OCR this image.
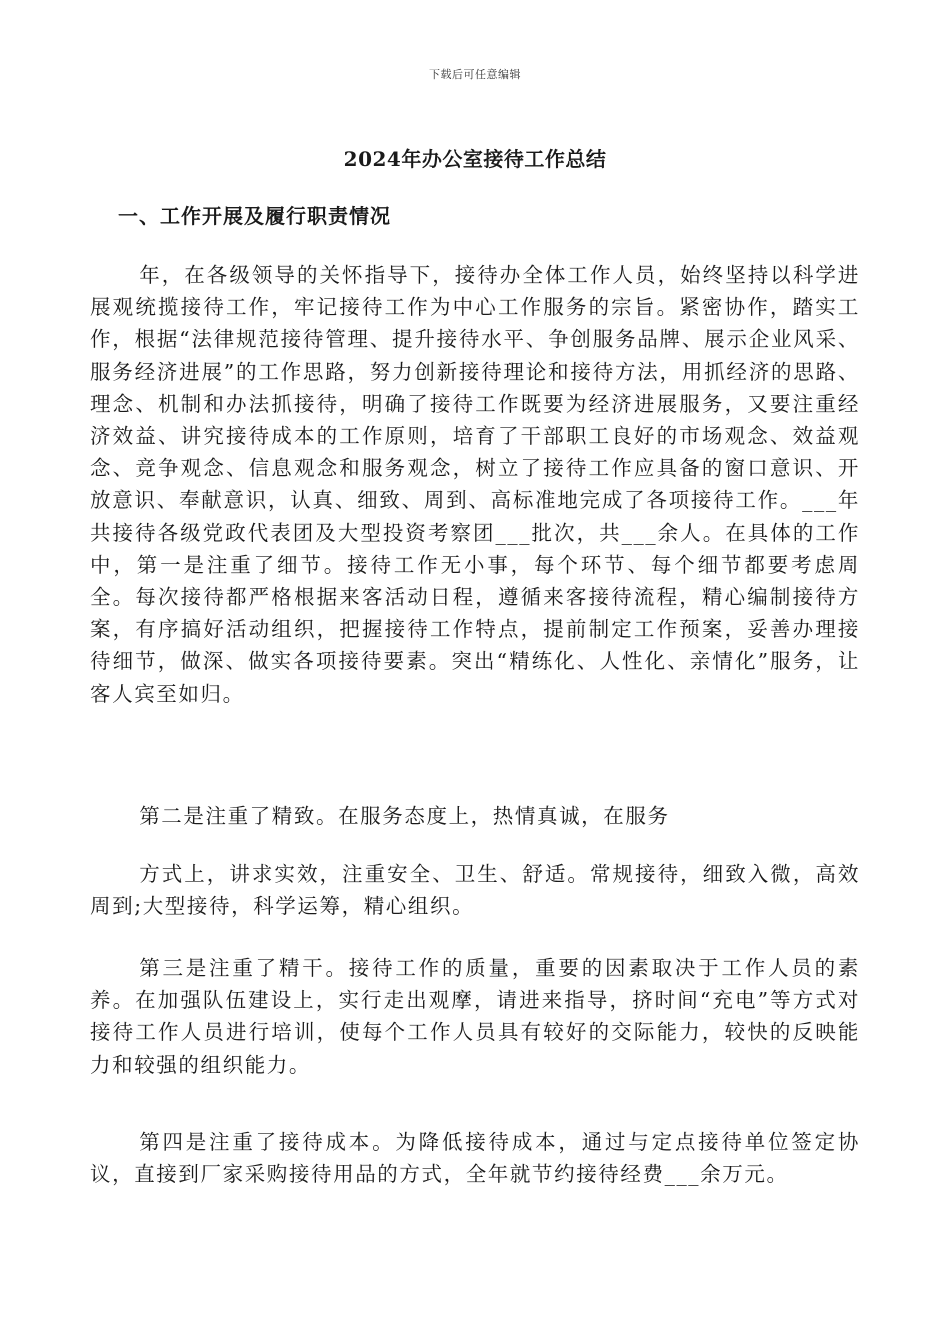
下载后可任意编辑
2024年办公室接待工作总结
一、工作开展及履行职责情况

年，在各级领导的关怀指导下，接待办全体工作人员，始终坚持以科学进展观统揽接待工作，牢记接待工作为中心工作服务的宗旨。紧密协作，踏实工作，根据“法律规范接待管理、提升接待水平、争创服务品牌、展示企业风采、服务经济进展”的工作思路，努力创新接待理论和接待方法，用抓经济的思路、理念、机制和办法抓接待，明确了接待工作既要为经济进展服务，又要注重经济效益、讲究接待成本的工作原则，培育了干部职工良好的市场观念、效益观念、竞争观念、信息观念和服务观念，树立了接待工作应具备的窗口意识、开放意识、奉献意识，认真、细致、周到、高标准地完成了各项接待工作。___年共接待各级党政代表团及大型投资考察团___批次，共___余人。在具体的工作中，第一是注重了细节。接待工作无小事，每个环节、每个细节都要考虑周全。每次接待都严格根据来客活动日程，遵循来客接待流程，精心编制接待方案，有序搞好活动组织，把握接待工作特点，提前制定工作预案，妥善办理接待细节，做深、做实各项接待要素。突出“精练化、人性化、亲情化”服务，让客人宾至如归。

第二是注重了精致。在服务态度上，热情真诚，在服务

方式上，讲求实效，注重安全、卫生、舒适。常规接待，细致入微，高效周到;大型接待，科学运筹，精心组织。

第三是注重了精干。接待工作的质量，重要的因素取决于工作人员的素养。在加强队伍建设上，实行走出观摩，请进来指导，挤时间“充电”等方式对接待工作人员进行培训，使每个工作人员具有较好的交际能力，较快的反映能力和较强的组织能力。

第四是注重了接待成本。为降低接待成本，通过与定点接待单位签定协议，直接到厂家采购接待用品的方式，全年就节约接待经费___余万元。
